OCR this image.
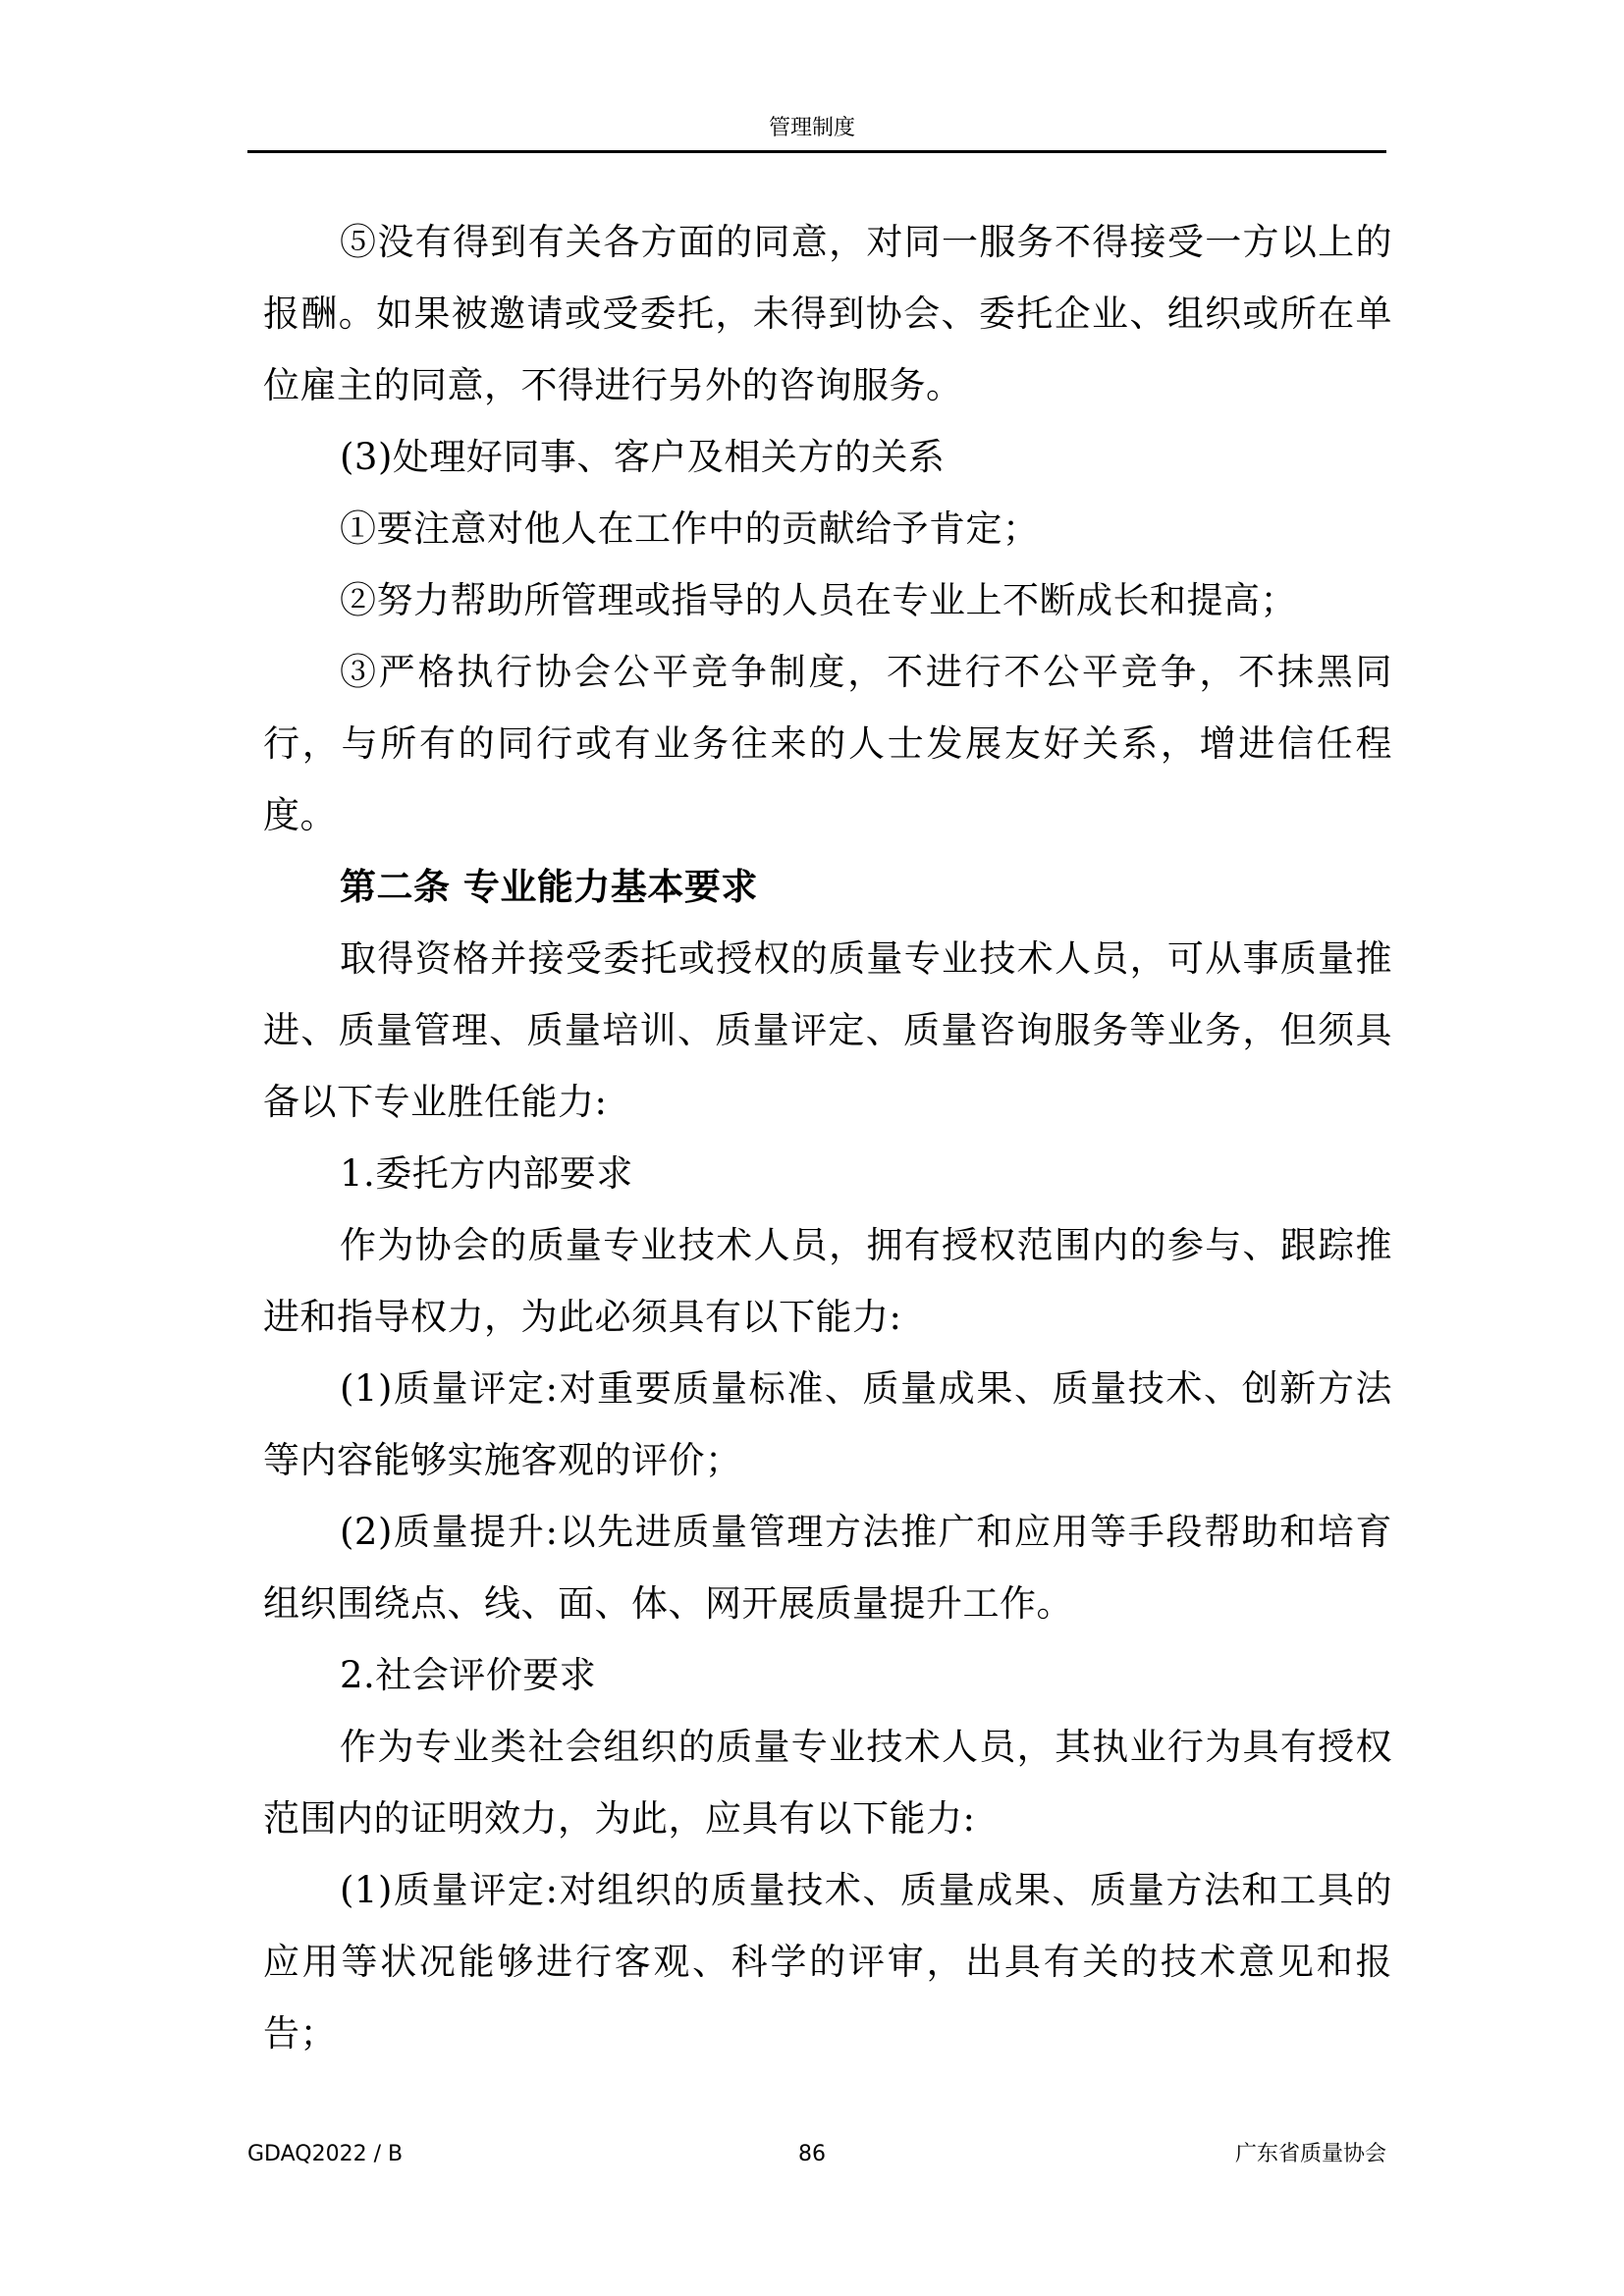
管理制度

⑤没有得到有关各方面的同意，对同一服务不得接受一方以上的报酬。如果被邀请或受委托，未得到协会、委托企业、组织或所在单位雇主的同意，不得进行另外的咨询服务。

(3)处理好同事、客户及相关方的关系

①要注意对他人在工作中的贡献给予肯定；

②努力帮助所管理或指导的人员在专业上不断成长和提高；

③严格执行协会公平竞争制度，不进行不公平竞争，不抹黑同行，与所有的同行或有业务往来的人士发展友好关系，增进信任程度。

第二条 专业能力基本要求

取得资格并接受委托或授权的质量专业技术人员，可从事质量推进、质量管理、质量培训、质量评定、质量咨询服务等业务，但须具备以下专业胜任能力:

1.委托方内部要求

作为协会的质量专业技术人员，拥有授权范围内的参与、跟踪推进和指导权力，为此必须具有以下能力:

(1)质量评定:对重要质量标准、质量成果、质量技术、创新方法等内容能够实施客观的评价；

(2)质量提升:以先进质量管理方法推广和应用等手段帮助和培育组织围绕点、线、面、体、网开展质量提升工作。

2.社会评价要求

作为专业类社会组织的质量专业技术人员，其执业行为具有授权范围内的证明效力，为此，应具有以下能力:

(1)质量评定:对组织的质量技术、质量成果、质量方法和工具的应用等状况能够进行客观、科学的评审，出具有关的技术意见和报告；

GDAQ2022 / B	86	广东省质量协会
